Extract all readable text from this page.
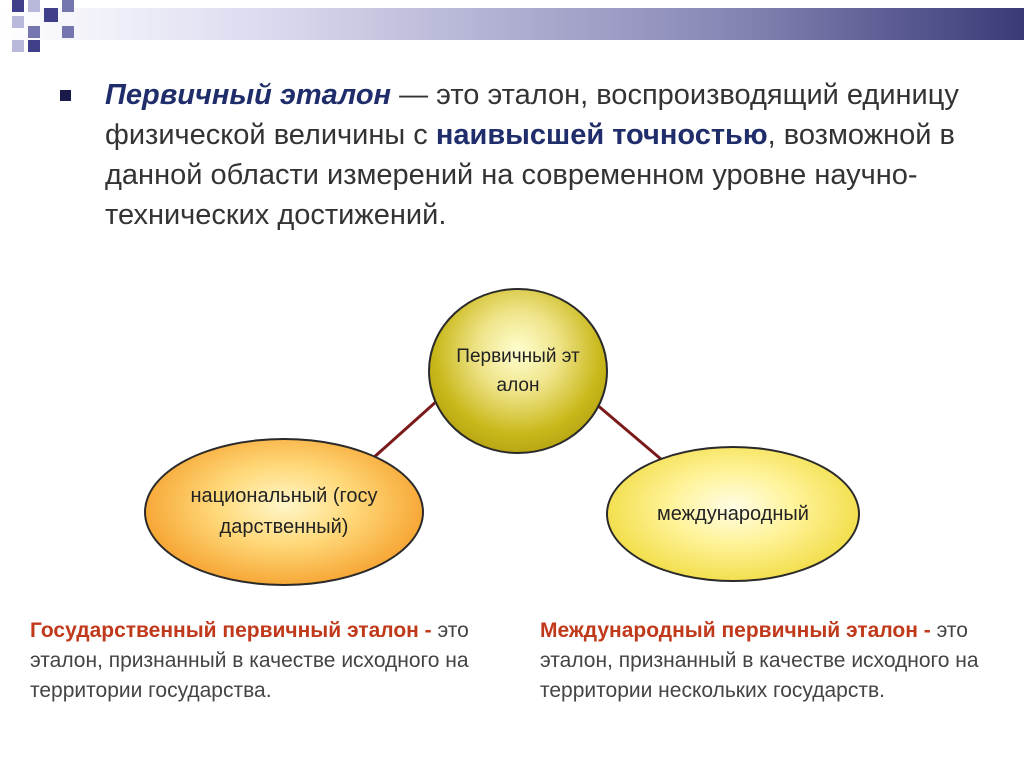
Первичный эталон — это эталон, воспроизводящий единицу физической величины с наивысшей точностью, возможной в данной области измерений на современном уровне научно-технических достижений.
Первичный эталон
национальный (государственный)
международный
Государственный первичный эталон - это эталон, признанный в качестве исходного на территории государства.
Международный первичный эталон - это эталон, признанный в качестве исходного на территории нескольких государств.
